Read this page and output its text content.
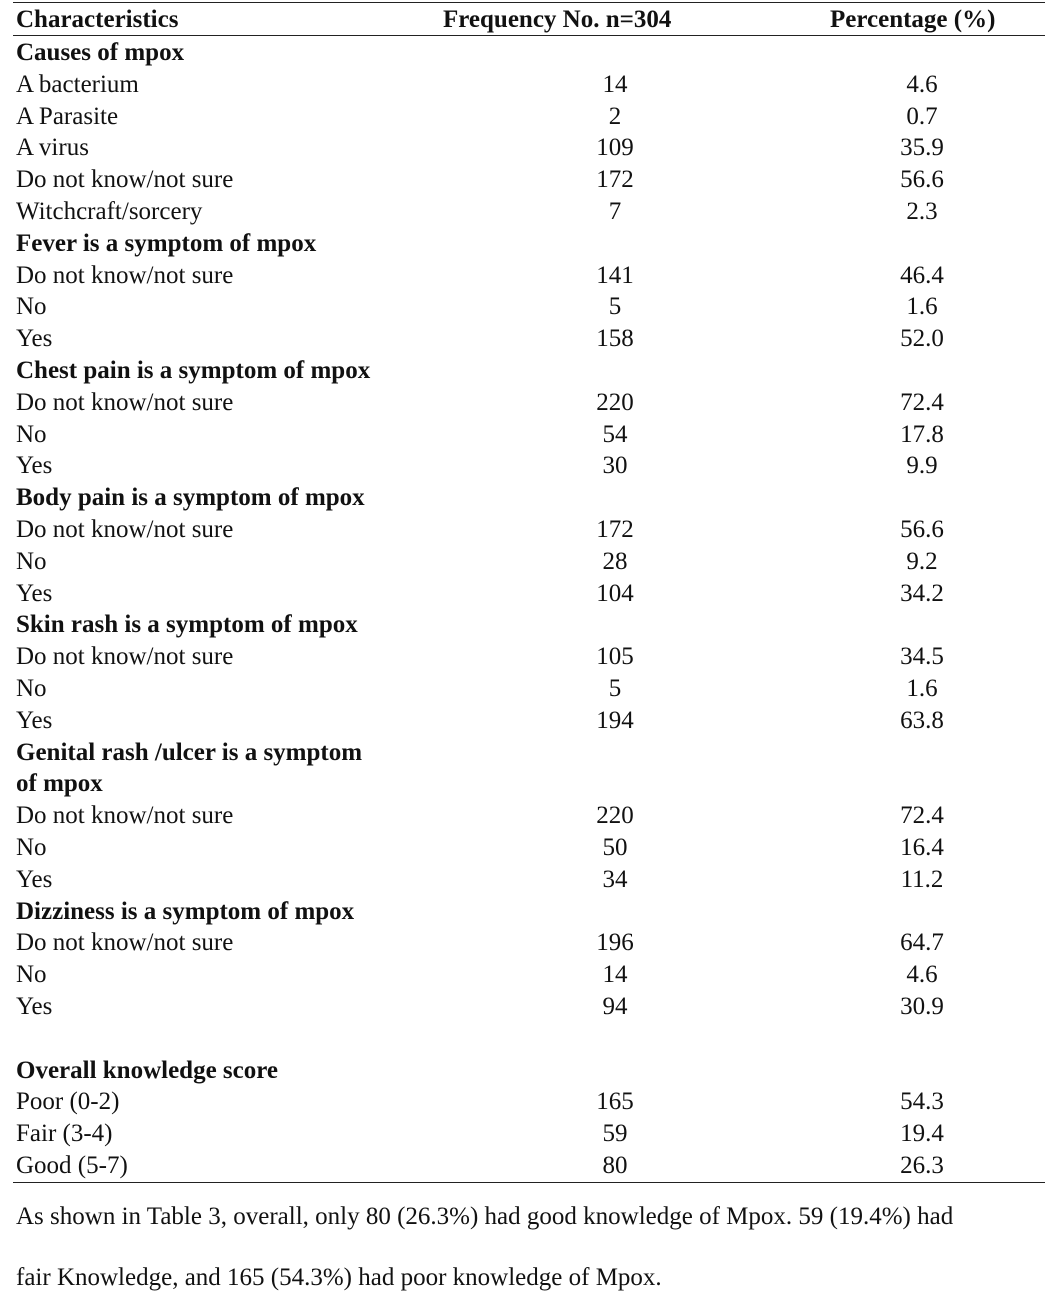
Characteristics	Frequency No. n=304	Percentage (%)
Causes of mpox
A bacterium	14	4.6
A Parasite	2	0.7
A virus	109	35.9
Do not know/not sure	172	56.6
Witchcraft/sorcery	7	2.3
Fever is a symptom of mpox
Do not know/not sure	141	46.4
No	5	1.6
Yes	158	52.0
Chest pain is a symptom of mpox
Do not know/not sure	220	72.4
No	54	17.8
Yes	30	9.9
Body pain is a symptom of mpox
Do not know/not sure	172	56.6
No	28	9.2
Yes	104	34.2
Skin rash is a symptom of mpox
Do not know/not sure	105	34.5
No	5	1.6
Yes	194	63.8
Genital rash /ulcer is a symptom
of mpox
Do not know/not sure	220	72.4
No	50	16.4
Yes	34	11.2
Dizziness is a symptom of mpox
Do not know/not sure	196	64.7
No	14	4.6
Yes	94	30.9
Overall knowledge score
Poor (0-2)	165	54.3
Fair (3-4)	59	19.4
Good (5-7)	80	26.3
As shown in Table 3, overall, only 80 (26.3%) had good knowledge of Mpox. 59 (19.4%) had
fair Knowledge, and 165 (54.3%) had poor knowledge of Mpox.
